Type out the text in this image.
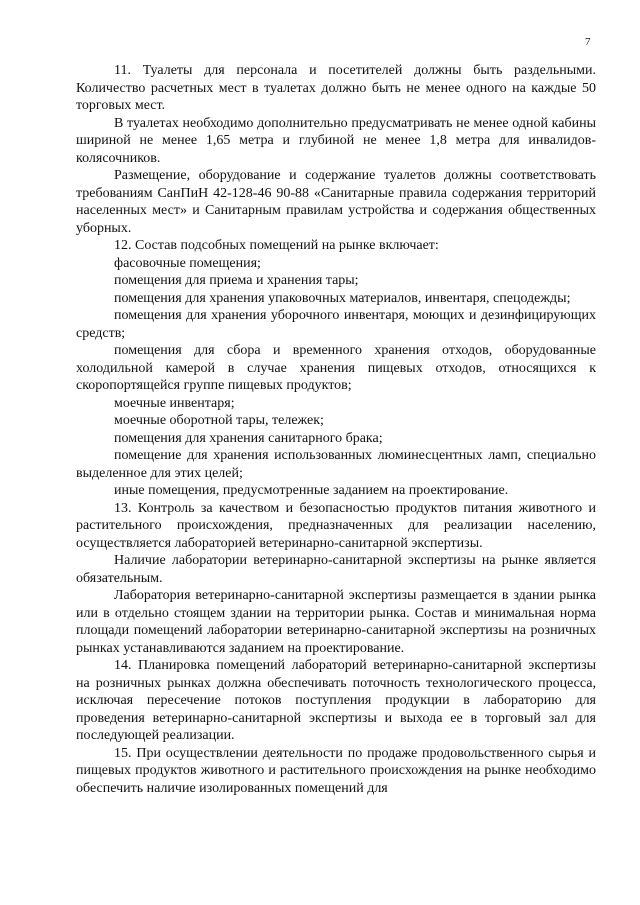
7

11. Туалеты для персонала и посетителей должны быть раздельными. Количество расчетных мест в туалетах должно быть не менее одного на каждые 50 торговых мест.

В туалетах необходимо дополнительно предусматривать не менее одной кабины шириной не менее 1,65 метра и глубиной не менее 1,8 метра для инвалидов-колясочников.

Размещение, оборудование и содержание туалетов должны соответствовать требованиям СанПиН 42-128-46 90-88 «Санитарные правила содержания территорий населенных мест» и Санитарным правилам устройства и содержания общественных уборных.

12. Состав подсобных помещений на рынке включает:

фасовочные помещения;

помещения для приема и хранения тары;

помещения для хранения упаковочных материалов, инвентаря, спецодежды;

помещения для хранения уборочного инвентаря, моющих и дезинфицирующих средств;

помещения для сбора и временного хранения отходов, оборудованные холодильной камерой в случае хранения пищевых отходов, относящихся к скоропортящейся группе пищевых продуктов;

моечные инвентаря;

моечные оборотной тары, тележек;

помещения для хранения санитарного брака;

помещение для хранения использованных люминесцентных ламп, специально выделенное для этих целей;

иные помещения, предусмотренные заданием на проектирование.

13. Контроль за качеством и безопасностью продуктов питания животного и растительного происхождения, предназначенных для реализации населению, осуществляется лабораторией ветеринарно-санитарной экспертизы.

Наличие лаборатории ветеринарно-санитарной экспертизы на рынке является обязательным.

Лаборатория ветеринарно-санитарной экспертизы размещается в здании рынка или в отдельно стоящем здании на территории рынка. Состав и минимальная норма площади помещений лаборатории ветеринарно-санитарной экспертизы на розничных рынках устанавливаются заданием на проектирование.

14. Планировка помещений лабораторий ветеринарно-санитарной экспертизы на розничных рынках должна обеспечивать поточность технологического процесса, исключая пересечение потоков поступления продукции в лабораторию для проведения ветеринарно-санитарной экспертизы и выхода ее в торговый зал для последующей реализации.

15. При осуществлении деятельности по продаже продовольственного сырья и пищевых продуктов животного и растительного происхождения на рынке необходимо обеспечить наличие изолированных помещений для
